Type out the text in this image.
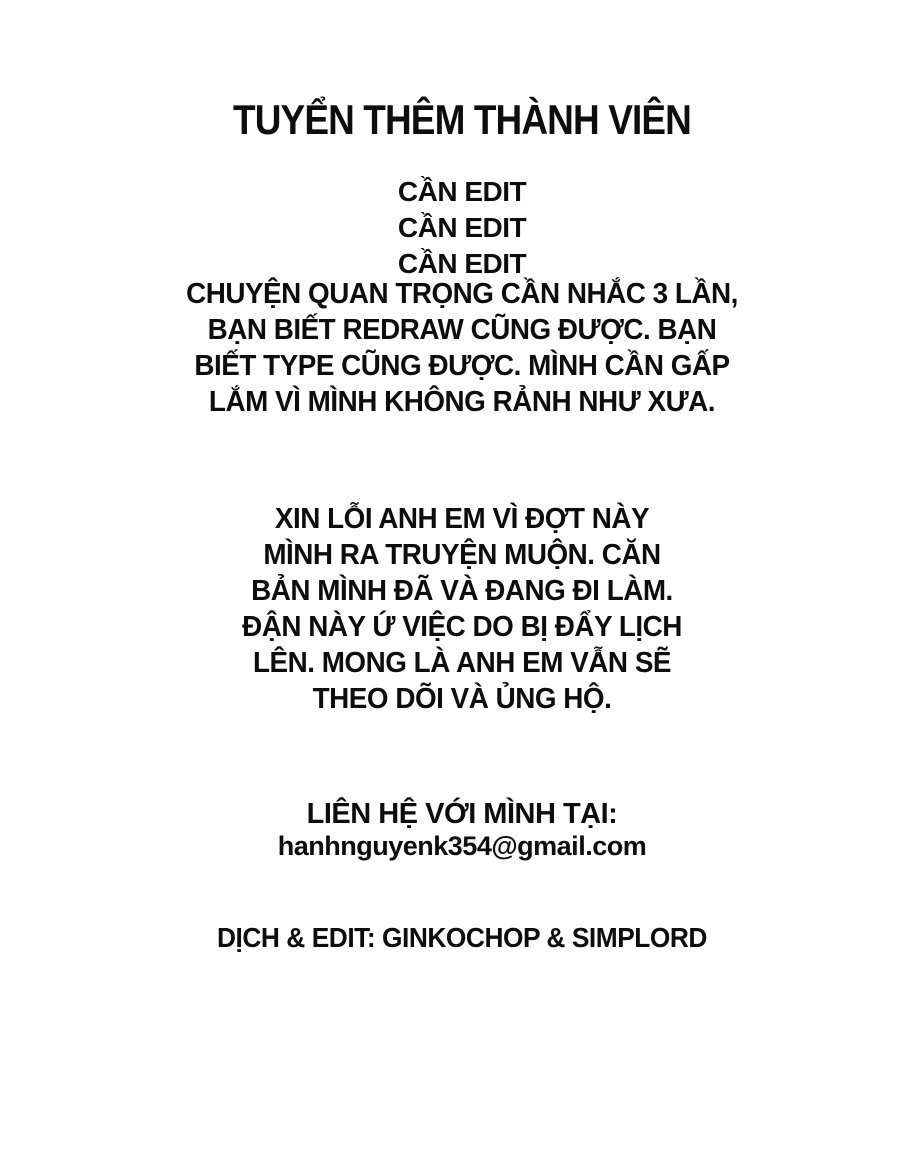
TUYỂN THÊM THÀNH VIÊN
CẦN EDIT
CẦN EDIT
CẦN EDIT
CHUYỆN QUAN TRỌNG CẦN NHẮC 3 LẦN,
BẠN BIẾT REDRAW CŨNG ĐƯỢC. BẠN
BIẾT TYPE CŨNG ĐƯỢC. MÌNH CẦN GẤP
LẮM VÌ MÌNH KHÔNG RẢNH NHƯ XƯA.
XIN LỖI ANH EM VÌ ĐỢT NÀY
MÌNH RA TRUYỆN MUỘN. CĂN
BẢN MÌNH ĐÃ VÀ ĐANG ĐI LÀM.
ĐẬN NÀY Ứ VIỆC DO BỊ ĐẨY LỊCH
LÊN. MONG LÀ ANH EM VẪN SẼ
THEO DÕI VÀ ỦNG HỘ.
LIÊN HỆ VỚI MÌNH TẠI:
hanhnguyenk354@gmail.com
DỊCH & EDIT: GINKOCHOP & SIMPLORD
